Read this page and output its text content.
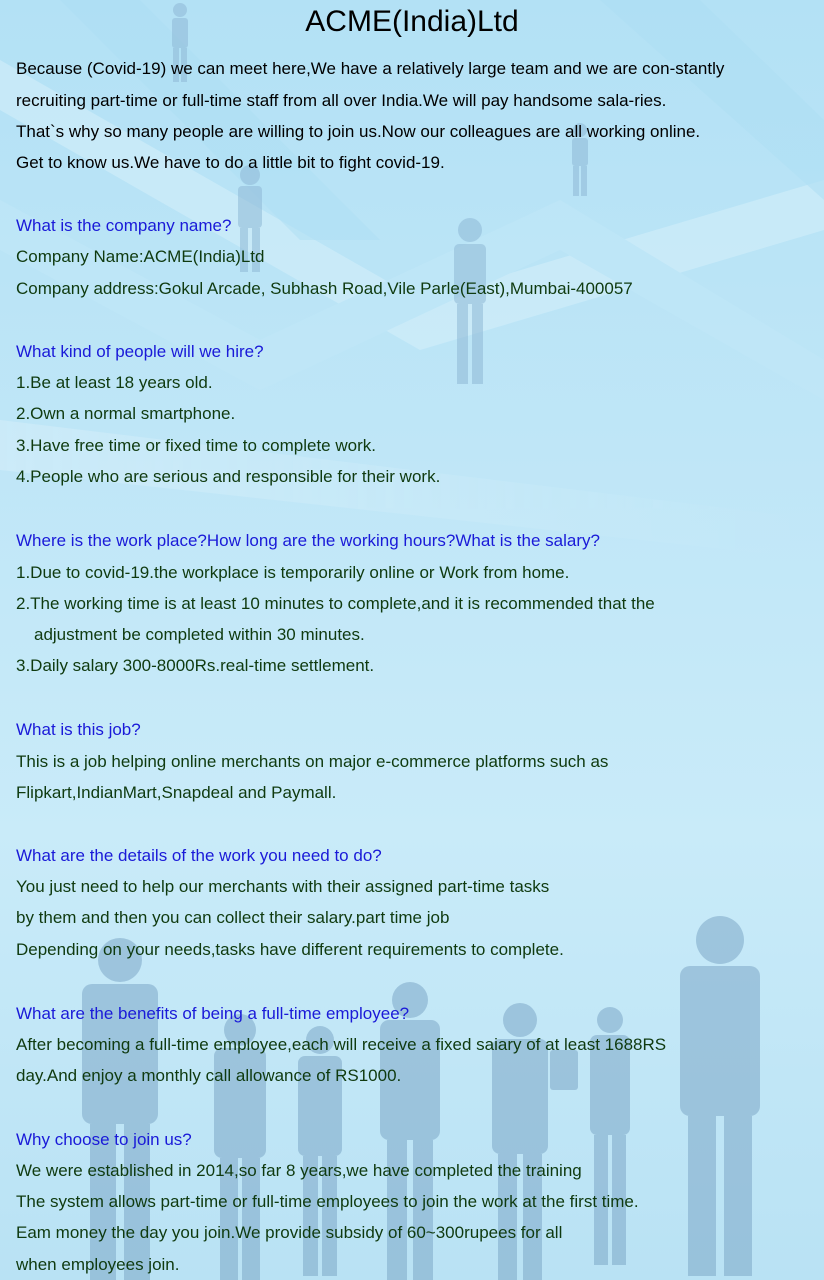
ACME(India)Ltd
Because (Covid-19) we can meet here,We have a relatively large team and we are con-stantly
recruiting part-time or full-time staff from all over India.We will pay handsome sala-ries.
That`s why so many people are willing to join us.Now our colleagues are all working online.
Get to know us.We have to do a little bit to fight covid-19.
What is the company name?
Company Name:ACME(India)Ltd
Company address:Gokul Arcade, Subhash Road,Vile Parle(East),Mumbai-400057
What kind of people will we hire?
1.Be at least 18 years old.
2.Own a normal smartphone.
3.Have free time or fixed time to complete work.
4.People who are serious and responsible for their work.
Where is the work place?How long are the working hours?What is the salary?
1.Due to covid-19.the workplace is temporarily online or Work from home.
2.The working time is at least 10 minutes to complete,and it is recommended that the
adjustment be completed within 30 minutes.
3.Daily salary 300-8000Rs.real-time settlement.
What is this job?
This is a job helping online merchants on major e-commerce platforms such as
Flipkart,IndianMart,Snapdeal and Paymall.
What are the details of the work you need to do?
You just need to help our merchants with their assigned part-time tasks
by them and then you can collect their salary.part time job
Depending on your needs,tasks have different requirements to complete.
What are the benefits of being a full-time employee?
After becoming a full-time employee,each will receive a fixed saiary of at least 1688RS
day.And enjoy a monthly call allowance of RS1000.
Why choose to join us?
We were established in 2014,so far 8 years,we have completed the training
The system allows part-time or full-time employees to join the work at the first time.
Eam money the day you join.We provide subsidy of 60~300rupees for all
when employees join.
